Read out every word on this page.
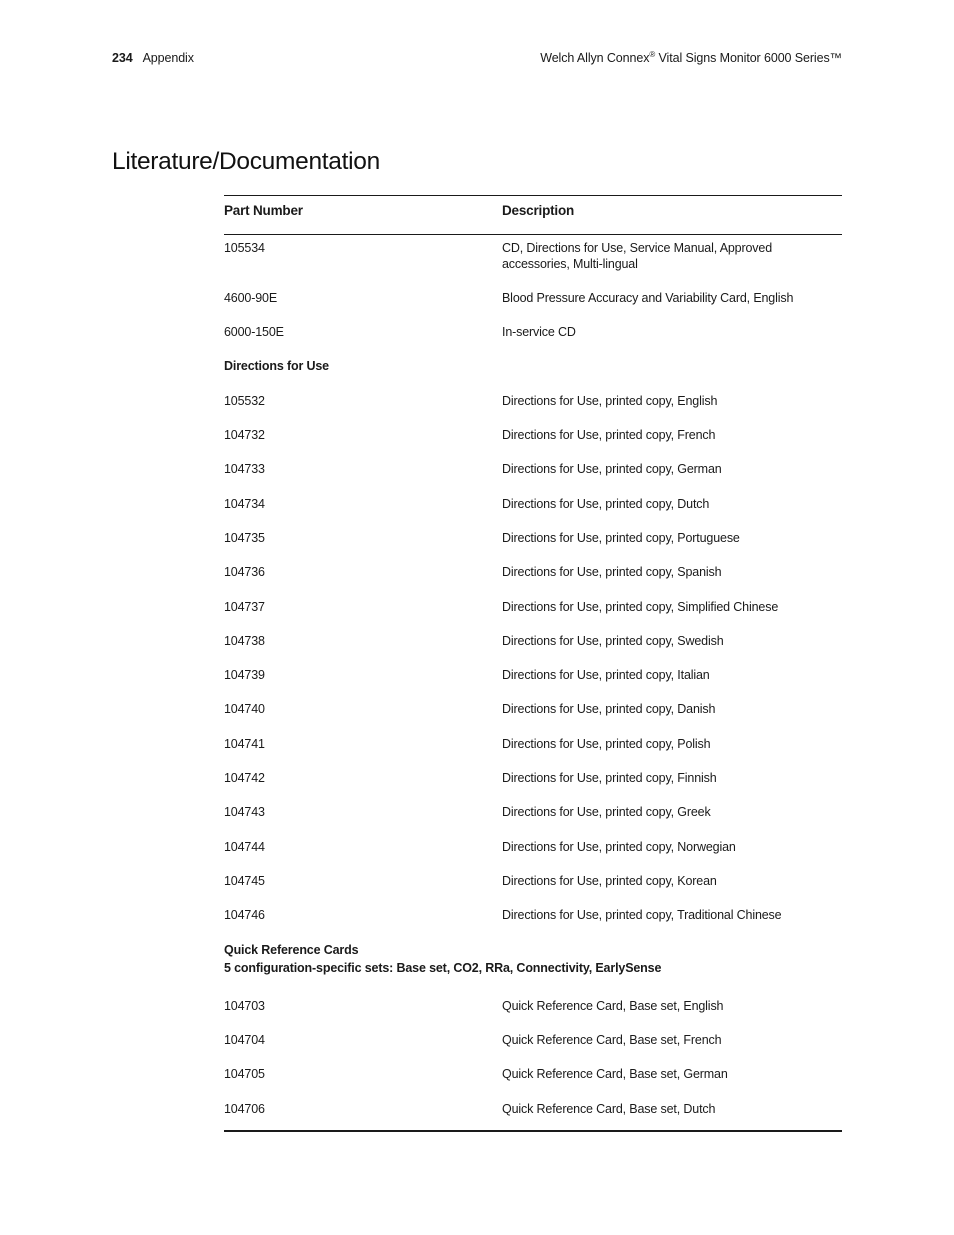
234 Appendix	Welch Allyn Connex® Vital Signs Monitor 6000 Series™
Literature/Documentation
Part Number	Description
105534	CD, Directions for Use, Service Manual, Approved accessories, Multi-lingual
4600-90E	Blood Pressure Accuracy and Variability Card, English
6000-150E	In-service CD
Directions for Use
105532	Directions for Use, printed copy, English
104732	Directions for Use, printed copy, French
104733	Directions for Use, printed copy, German
104734	Directions for Use, printed copy, Dutch
104735	Directions for Use, printed copy, Portuguese
104736	Directions for Use, printed copy, Spanish
104737	Directions for Use, printed copy, Simplified Chinese
104738	Directions for Use, printed copy, Swedish
104739	Directions for Use, printed copy, Italian
104740	Directions for Use, printed copy, Danish
104741	Directions for Use, printed copy, Polish
104742	Directions for Use, printed copy, Finnish
104743	Directions for Use, printed copy, Greek
104744	Directions for Use, printed copy, Norwegian
104745	Directions for Use, printed copy, Korean
104746	Directions for Use, printed copy, Traditional Chinese
Quick Reference Cards
5 configuration-specific sets: Base set, CO2, RRa, Connectivity, EarlySense
104703	Quick Reference Card, Base set, English
104704	Quick Reference Card, Base set, French
104705	Quick Reference Card, Base set, German
104706	Quick Reference Card, Base set, Dutch
